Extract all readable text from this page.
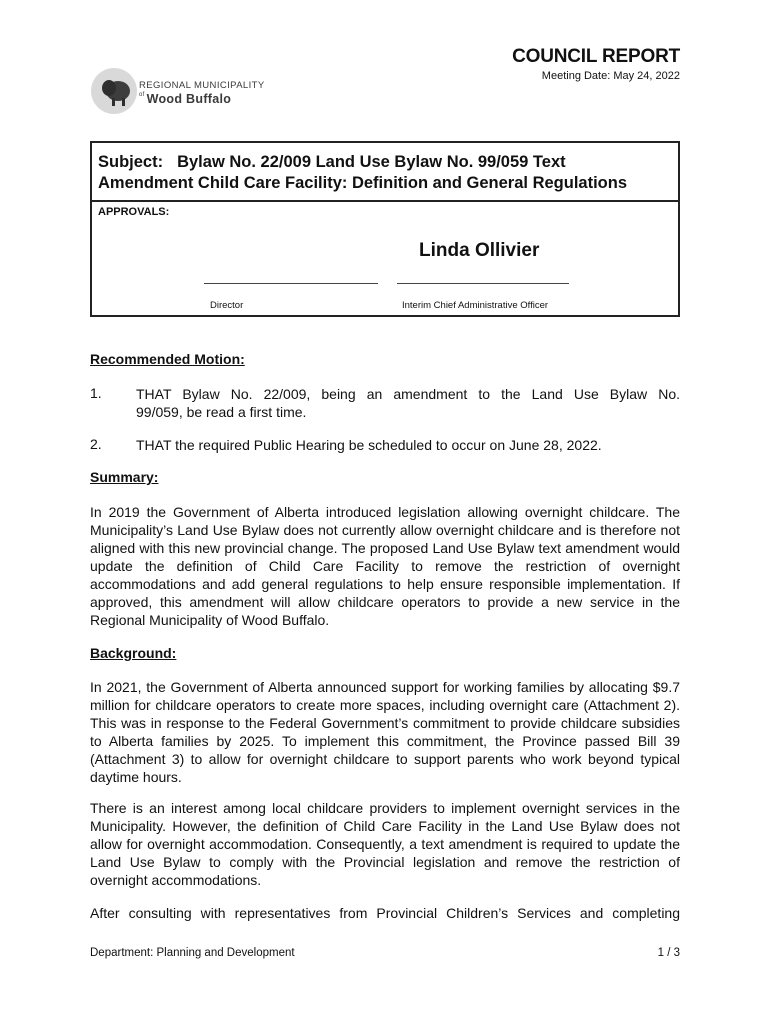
REGIONAL MUNICIPALITY
$^{of}$ Wood Buffalo
COUNCIL REPORT
Meeting Date: May 24, 2022
Subject: Bylaw No. 22/009 Land Use Bylaw No. 99/059 Text
Amendment Child Care Facility: Definition and General Regulations
APPROVALS:
Linda Ollivier
Director	Interim Chief Administrative Officer
Recommended Motion:
1. THAT Bylaw No. 22/009, being an amendment to the Land Use Bylaw No.
99/059, be read a first time.
2. THAT the required Public Hearing be scheduled to occur on June 28, 2022.
Summary:
In 2019 the Government of Alberta introduced legislation allowing overnight childcare. The Municipality’s Land Use Bylaw does not currently allow overnight childcare and is therefore not aligned with this new provincial change. The proposed Land Use Bylaw text amendment would update the definition of Child Care Facility to remove the restriction of overnight accommodations and add general regulations to help ensure responsible implementation. If approved, this amendment will allow childcare operators to provide a new service in the Regional Municipality of Wood Buffalo.
Background:
In 2021, the Government of Alberta announced support for working families by allocating $9.7 million for childcare operators to create more spaces, including overnight care (Attachment 2). This was in response to the Federal Government’s commitment to provide childcare subsidies to Alberta families by 2025. To implement this commitment, the Province passed Bill 39 (Attachment 3) to allow for overnight childcare to support parents who work beyond typical daytime hours.
There is an interest among local childcare providers to implement overnight services in the Municipality. However, the definition of Child Care Facility in the Land Use Bylaw does not allow for overnight accommodation. Consequently, a text amendment is required to update the Land Use Bylaw to comply with the Provincial legislation and remove the restriction of overnight accommodations.
After consulting with representatives from Provincial Children’s Services and completing
Department: Planning and Development	1 / 3
